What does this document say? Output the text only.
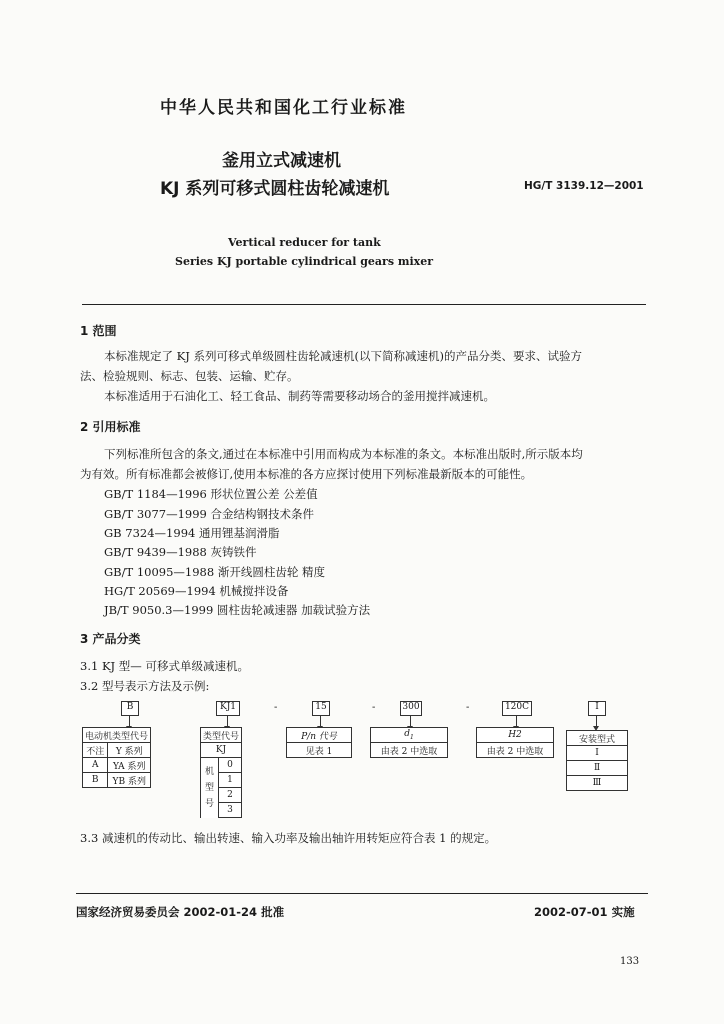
中华人民共和国化工行业标准
釜用立式减速机
KJ 系列可移式圆柱齿轮减速机	HG/T 3139.12—2001
Vertical reducer for tank
Series KJ portable cylindrical gears mixer
1 范围
本标准规定了 KJ 系列可移式单级圆柱齿轮减速机(以下简称减速机)的产品分类、要求、试验方
法、检验规则、标志、包装、运输、贮存。
本标准适用于石油化工、轻工食品、制药等需要移动场合的釜用搅拌减速机。
2 引用标准
下列标准所包含的条文,通过在本标准中引用而构成为本标准的条文。本标准出版时,所示版本均
为有效。所有标准都会被修订,使用本标准的各方应探讨使用下列标准最新版本的可能性。
GB/T 1184—1996 形状位置公差 公差值
GB/T 3077—1999 合金结构钢技术条件
GB 7324—1994 通用锂基润滑脂
GB/T 9439—1988 灰铸铁件
GB/T 10095—1988 渐开线圆柱齿轮 精度
HG/T 20569—1994 机械搅拌设备
JB/T 9050.3—1999 圆柱齿轮减速器 加载试验方法
3 产品分类
3.1 KJ 型— 可移式单级减速机。
3.2 型号表示方法及示例:
B
电动机类型代号	
不注	Y 系列
A	YA 系列
B	YB 系列
KJ1
类型代号
KJ

机
型
号
	0
1
2
3
-	15
P/n 代号
见表 1
-	300
$d_1$
由表 2 中选取
-	120C
H2
由表 2 中选取
Ⅰ
安装型式
Ⅰ
Ⅱ
Ⅲ
3.3 减速机的传动比、输出转速、输入功率及输出轴许用转矩应符合表 1 的规定。
国家经济贸易委员会 2002-01-24 批准	2002-07-01 实施
133
